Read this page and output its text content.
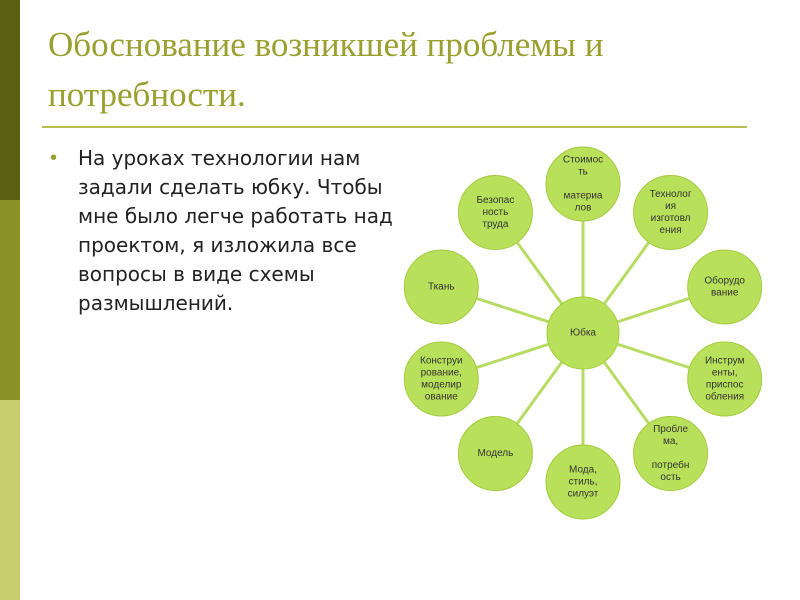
Обоснование возникшей проблемы и потребности.
• На уроках технологии нам задали сделать юбку. Чтобы мне было легче работать над проектом, я изложила все вопросы в виде схемы размышлений.
Стоимос
ть
материа
лов
Технолог
ия
изготовл
ения
Оборудо
вание
Инструм
енты,
приспос
обления
Пробле
ма,
потребн
ость
Мода,
стиль,
силуэт
Модель
Конструи
рование,
моделир
ование
Ткань
Безопас
ность
труда
Юбка
